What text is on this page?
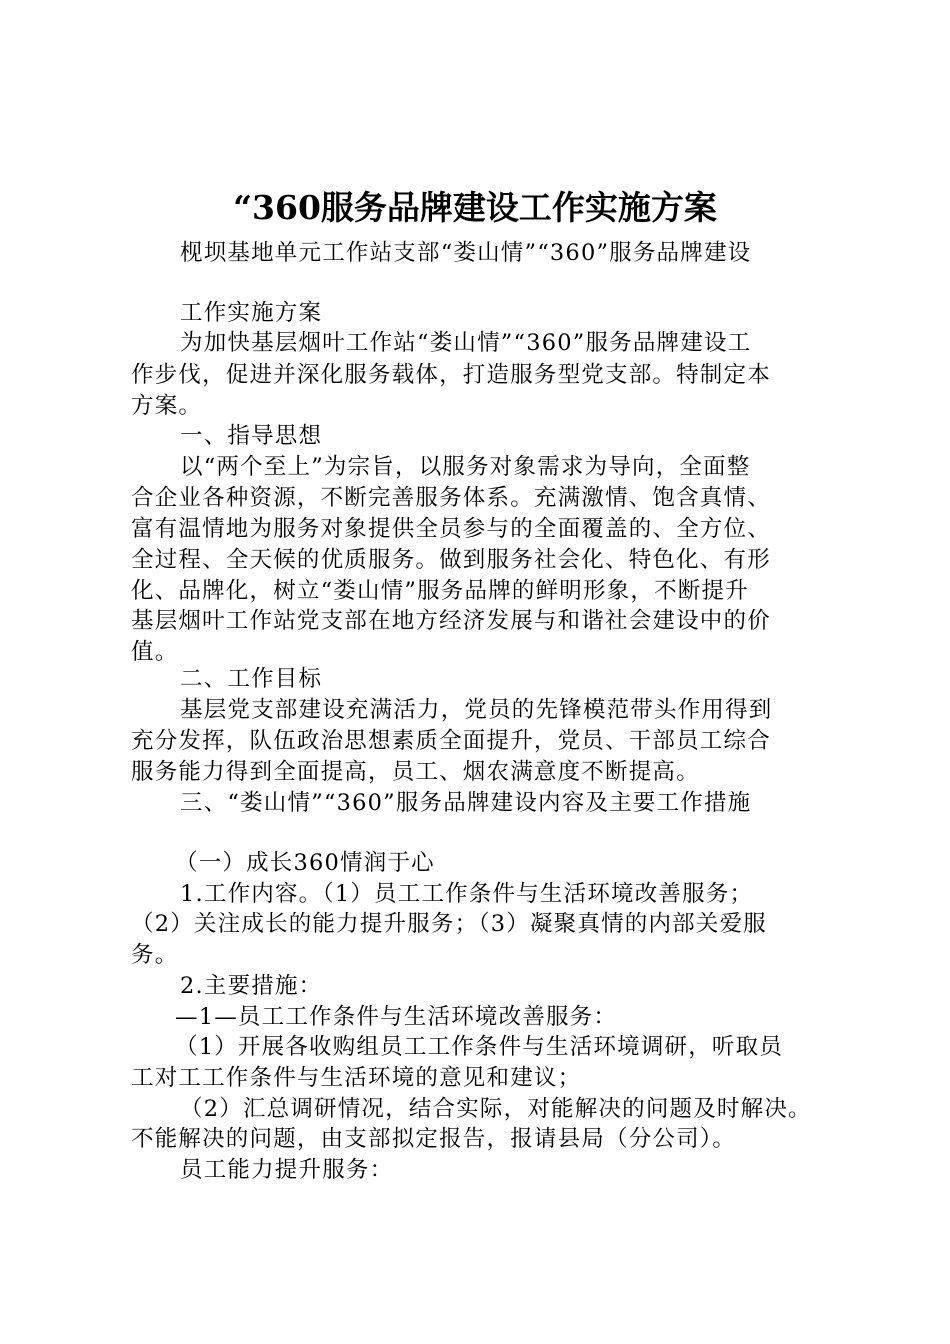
“360服务品牌建设工作实施方案
枧坝基地单元工作站支部“娄山情”“360”服务品牌建设
工作实施方案
为加快基层烟叶工作站“娄山情”“360”服务品牌建设工
作步伐，促进并深化服务载体，打造服务型党支部。特制定本
方案。
一、指导思想
以“两个至上”为宗旨，以服务对象需求为导向，全面整
合企业各种资源，不断完善服务体系。充满激情、饱含真情、
富有温情地为服务对象提供全员参与的全面覆盖的、全方位、
全过程、全天候的优质服务。做到服务社会化、特色化、有形
化、品牌化，树立“娄山情”服务品牌的鲜明形象，不断提升
基层烟叶工作站党支部在地方经济发展与和谐社会建设中的价
值。
二、工作目标
基层党支部建设充满活力，党员的先锋模范带头作用得到
充分发挥，队伍政治思想素质全面提升，党员、干部员工综合
服务能力得到全面提高，员工、烟农满意度不断提高。
三、“娄山情”“360”服务品牌建设内容及主要工作措施
（一）成长360情润于心
1.工作内容。（1）员工工作条件与生活环境改善服务；
（2）关注成长的能力提升服务；（3）凝聚真情的内部关爱服
务。
2.主要措施：
—1—员工工作条件与生活环境改善服务：
（1）开展各收购组员工工作条件与生活环境调研，听取员
工对工工作条件与生活环境的意见和建议；
（2）汇总调研情况，结合实际，对能解决的问题及时解决。
不能解决的问题，由支部拟定报告，报请县局（分公司）。
员工能力提升服务：
